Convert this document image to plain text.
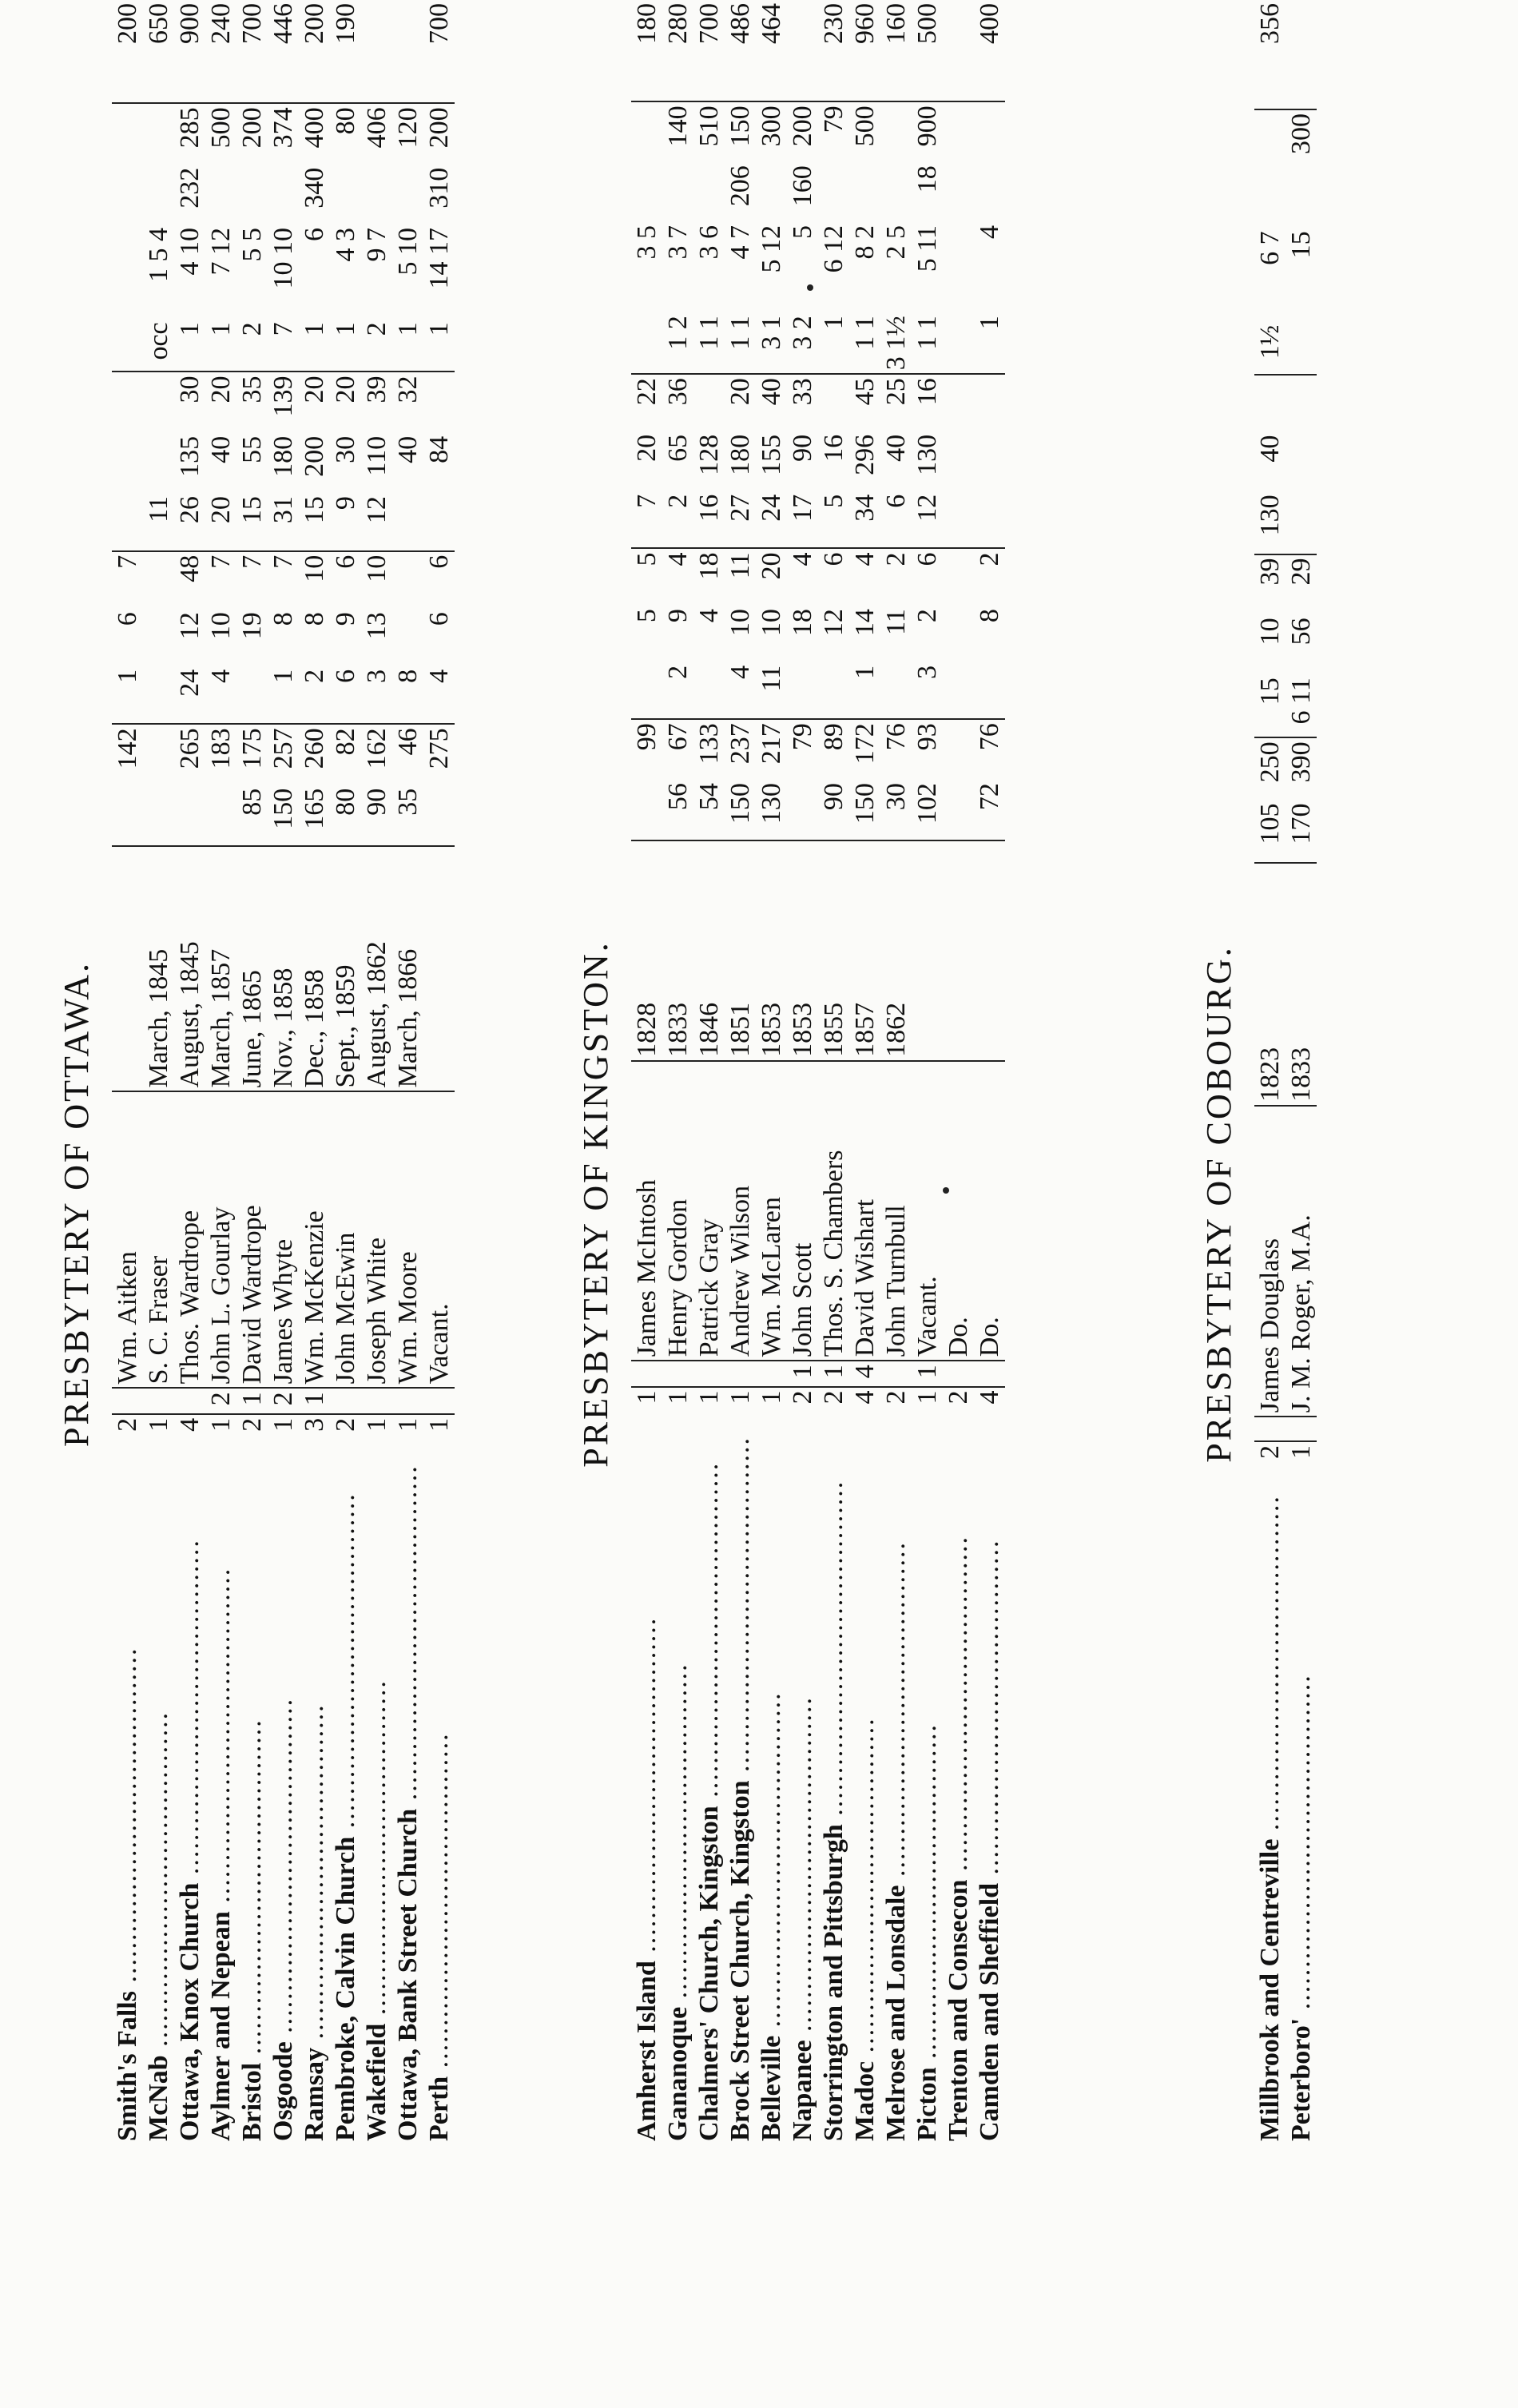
PRESBYTERY OF OTTAWA.
Smith's Falls ........................................	2		Wm. Aitken			142	1	6	7								200
McNab ........................................	1		S. C. Fraser	March, 1845						11			occ	1 5 4			650
Ottawa, Knox Church ........................................	4		Thos. Wardrope	August, 1845		265	24	12	48	26	135	30	1	4 10	232	285	900
Aylmer and Nepean ........................................	1	2	John L. Gourlay	March, 1857		183	4	10	7	20	40	20	1	7 12		500	240
Bristol ........................................	2	1	David Wardrope	June, 1865	85	175		19	7	15	55	35	2	5 5		200	700
Osgoode ........................................	1	2	James Whyte	Nov., 1858	150	257	1	8	7	31	180	139	7	10 10		374	446
Ramsay ........................................	3	1	Wm. McKenzie	Dec., 1858	165	260	2	8	10	15	200	20	1	6	340	400	200
Pembroke, Calvin Church ........................................	2		John McEwin	Sept., 1859	80	82	6	9	6	9	30	20	1	4 3		80	190
Wakefield ........................................	1		Joseph White	August, 1862	90	162	3	13	10	12	110	39	2	9 7		406	
Ottawa, Bank Street Church ........................................	1		Wm. Moore	March, 1866	35	46	8				40	32	1	5 10		120	
Perth ........................................	1		Vacant.			275	4	6	6		84		1	14 17	310	200	700
PRESBYTERY OF KINGSTON.
Amherst Island ........................................	1		James McIntosh	1828		99		5	5	7	20	22		3 5			180
Gananoque ........................................	1		Henry Gordon	1833	56	67	2	9	4	2	65	36	1 2	3 7		140	280
Chalmers' Church, Kingston ........................................	1		Patrick Gray	1846	54	133		4	18	16	128		1 1	3 6		510	700
Brock Street Church, Kingston ........................................	1		Andrew Wilson	1851	150	237	4	10	11	27	180	20	1 1	4 7	206	150	486
Belleville ........................................	1		Wm. McLaren	1853	130	217	11	10	20	24	155	40	3 1	5 12		300	464
Napanee ........................................	2	1	John Scott	1853		79		18	4	17	90	33	3 2	5	160	200	
Storrington and Pittsburgh ........................................	2	1	Thos. S. Chambers	1855	90	89		12	6	5	16		1	6 12		79	230
Madoc ........................................	4	4	David Wishart	1857	150	172	1	14	4	34	296	45	1 1	8 2		500	960
Melrose and Lonsdale ........................................	2		John Turnbull	1862	30	76		11	2	6	40	25	3 1½	2 5			160
Picton ........................................	1	1	Vacant.		102	93	3	2	6	12	130	16	1 1	5 11	18	900	500
Trenton and Consecon ........................................	2		Do.														
Camden and Sheffield ........................................	4		Do.		72	76		8	2				1	4			400
PRESBYTERY OF COBOURG.
Millbrook and Centreville ........................................	2		James Douglass	1823	105	250	15	10	39	130	40		1½	6 7			356
Peterboro' ........................................	1		J. M. Roger, M.A.	1833	170	390	6 11	56	29					15		300	
